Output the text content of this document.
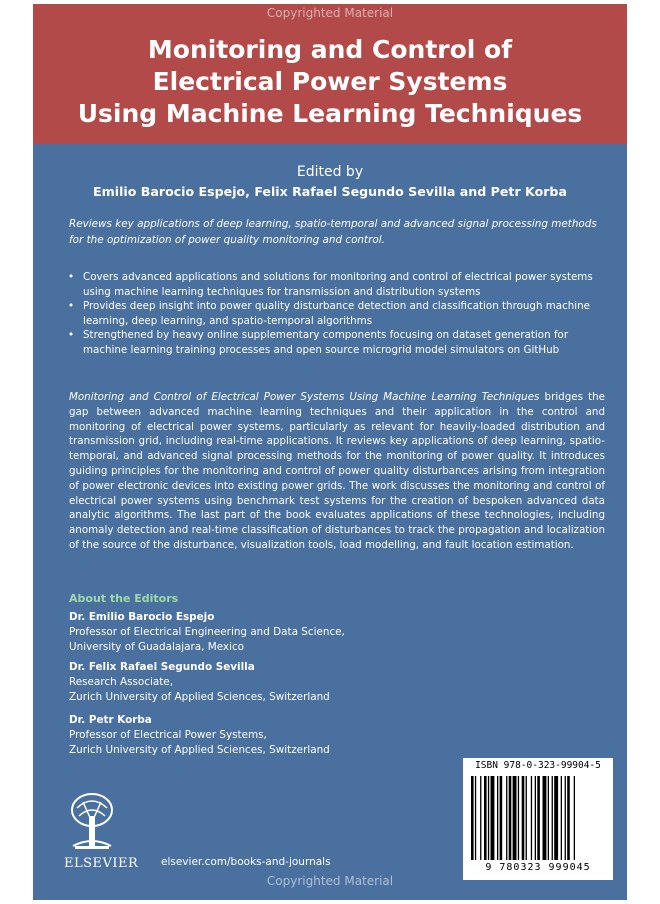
Copyrighted Material
Monitoring and Control of
Electrical Power Systems
Using Machine Learning Techniques
Edited by
Emilio Barocio Espejo, Felix Rafael Segundo Sevilla and Petr Korba
Reviews key applications of deep learning, spatio-temporal and advanced signal processing methods for the optimization of power quality monitoring and control.
• Covers advanced applications and solutions for monitoring and control of electrical power systems using machine learning techniques for transmission and distribution systems
• Provides deep insight into power quality disturbance detection and classification through machine learning, deep learning, and spatio-temporal algorithms
• Strengthened by heavy online supplementary components focusing on dataset generation for machine learning training processes and open source microgrid model simulators on GitHub
Monitoring and Control of Electrical Power Systems Using Machine Learning Techniques bridges the gap between advanced machine learning techniques and their application in the control and monitoring of electrical power systems, particularly as relevant for heavily-loaded distribution and transmission grid, including real-time applications. It reviews key applications of deep learning, spatio-temporal, and advanced signal processing methods for the monitoring of power quality. It introduces guiding principles for the monitoring and control of power quality disturbances arising from integration of power electronic devices into existing power grids. The work discusses the monitoring and control of electrical power systems using benchmark test systems for the creation of bespoken advanced data analytic algorithms. The last part of the book evaluates applications of these technologies, including anomaly detection and real-time classification of disturbances to track the propagation and localization of the source of the disturbance, visualization tools, load modelling, and fault location estimation.
About the Editors
Dr. Emilio Barocio Espejo
Professor of Electrical Engineering and Data Science,
University of Guadalajara, Mexico
Dr. Felix Rafael Segundo Sevilla
Research Associate,
Zurich University of Applied Sciences, Switzerland
Dr. Petr Korba
Professor of Electrical Power Systems,
Zurich University of Applied Sciences, Switzerland
ISBN 978-0-323-99904-5
9 780323 999045
ELSEVIER elsevier.com/books-and-journals
Copyrighted Material
